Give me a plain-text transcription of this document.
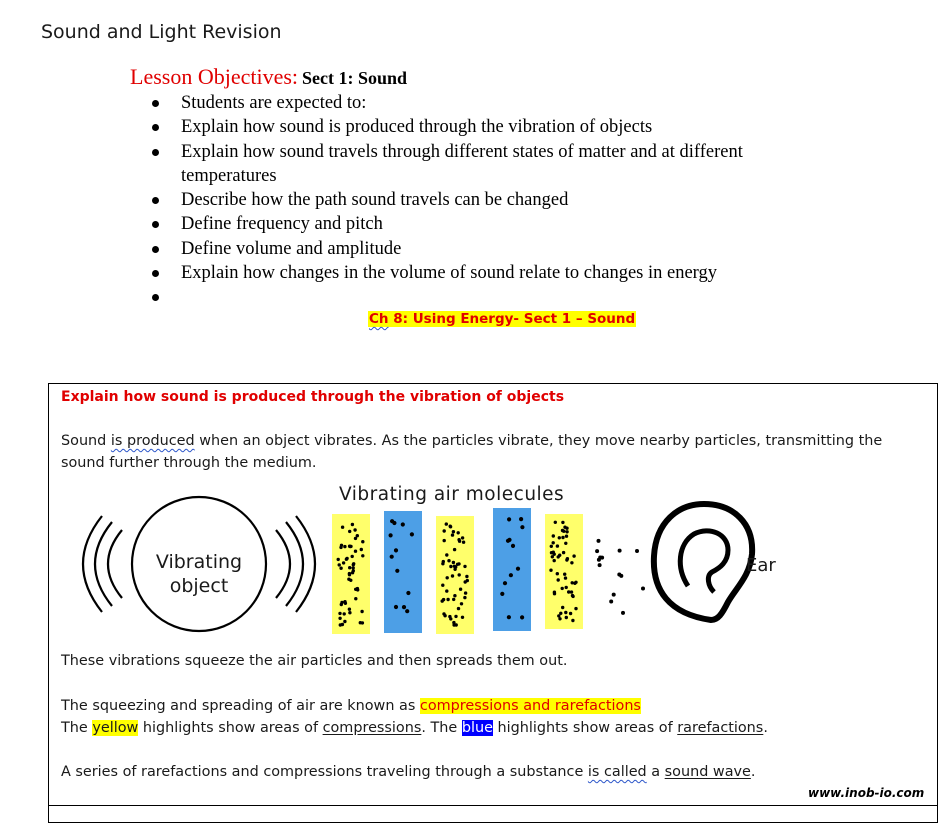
Sound and Light Revision
Lesson Objectives: Sect 1: Sound
Students are expected to:
Explain how sound is produced through the vibration of objects
Explain how sound travels through different states of matter and at different temperatures
Describe how the path sound travels can be changed
Define frequency and pitch
Define volume and amplitude
Explain how changes in the volume of sound relate to changes in energy
Ch 8: Using Energy- Sect 1 – Sound
Explain how sound is produced through the vibration of objects
Sound is produced when an object vibrates. As the particles vibrate, they move nearby particles, transmitting the sound further through the medium.
These vibrations squeeze the air particles and then spreads them out.
The squeezing and spreading of air are known as compressions and rarefactions
The yellow highlights show areas of compressions. The blue highlights show areas of rarefactions.
A series of rarefactions and compressions traveling through a substance is called a sound wave.
Vibrating air molecules
Vibrating
object
Ear
www.inob-io.com
